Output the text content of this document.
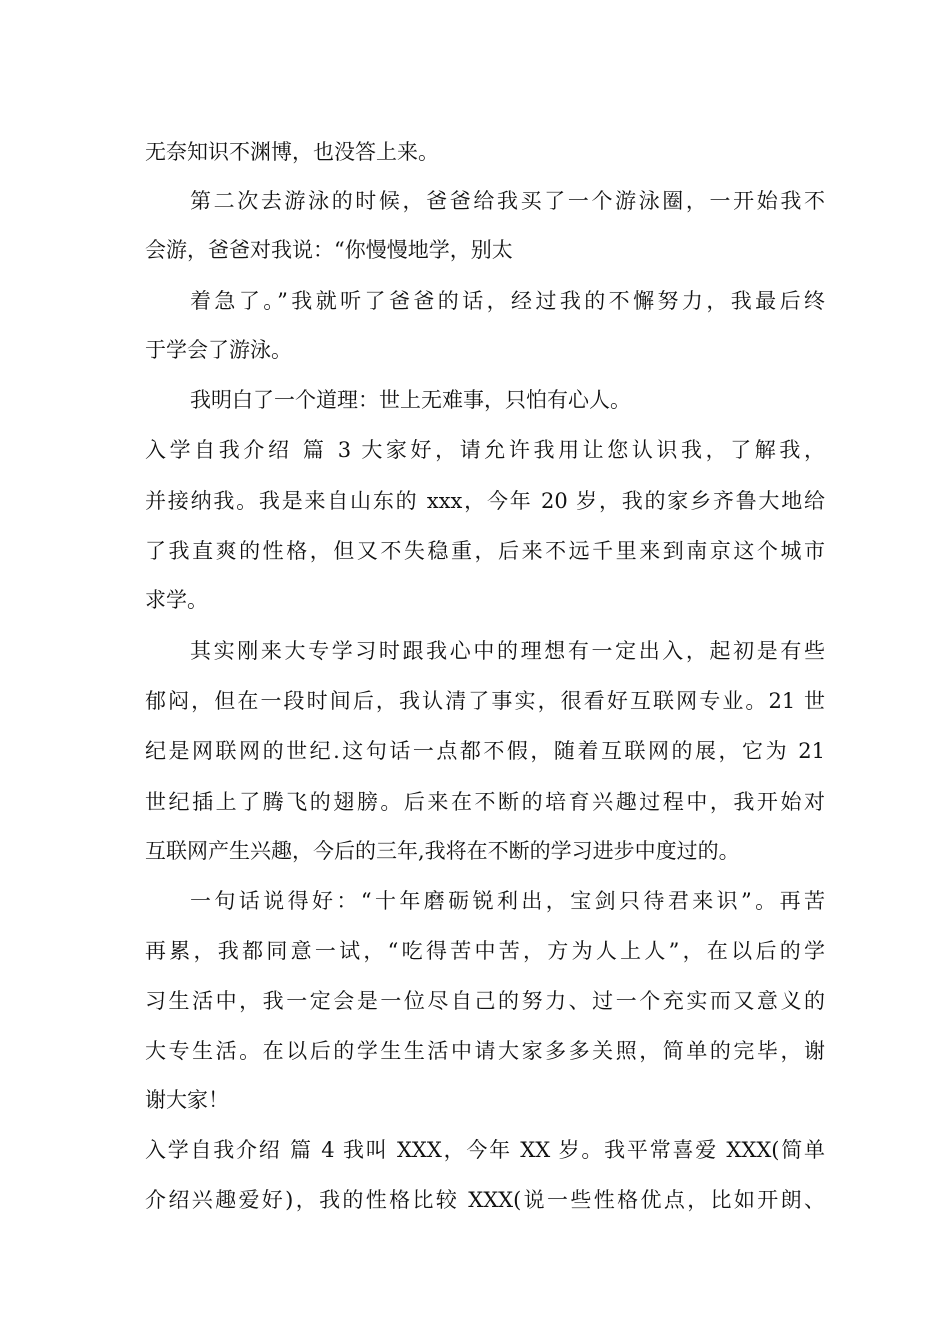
无奈知识不渊博，也没答上来。
第二次去游泳的时候，爸爸给我买了一个游泳圈，一开始我不
会游，爸爸对我说：“你慢慢地学，别太
着急了。”我就听了爸爸的话，经过我的不懈努力，我最后终
于学会了游泳。
我明白了一个道理：世上无难事，只怕有心人。
入学自我介绍 篇 3 大家好，请允许我用让您认识我，了解我，
并接纳我。我是来自山东的 xxx，今年 20 岁，我的家乡齐鲁大地给
了我直爽的性格，但又不失稳重，后来不远千里来到南京这个城市
求学。
其实刚来大专学习时跟我心中的理想有一定出入，起初是有些
郁闷，但在一段时间后，我认清了事实，很看好互联网专业。21 世
纪是网联网的世纪.这句话一点都不假，随着互联网的展，它为 21
世纪插上了腾飞的翅膀。后来在不断的培育兴趣过程中，我开始对
互联网产生兴趣，今后的三年,我将在不断的学习进步中度过的。
一句话说得好：“十年磨砺锐利出，宝剑只待君来识”。再苦
再累，我都同意一试，“吃得苦中苦，方为人上人”，在以后的学
习生活中，我一定会是一位尽自己的努力、过一个充实而又意义的
大专生活。在以后的学生生活中请大家多多关照，简单的完毕，谢
谢大家！
入学自我介绍 篇 4 我叫 XXX，今年 XX 岁。我平常喜爱 XXX(简单
介绍兴趣爱好)，我的性格比较 XXX(说一些性格优点，比如开朗、
